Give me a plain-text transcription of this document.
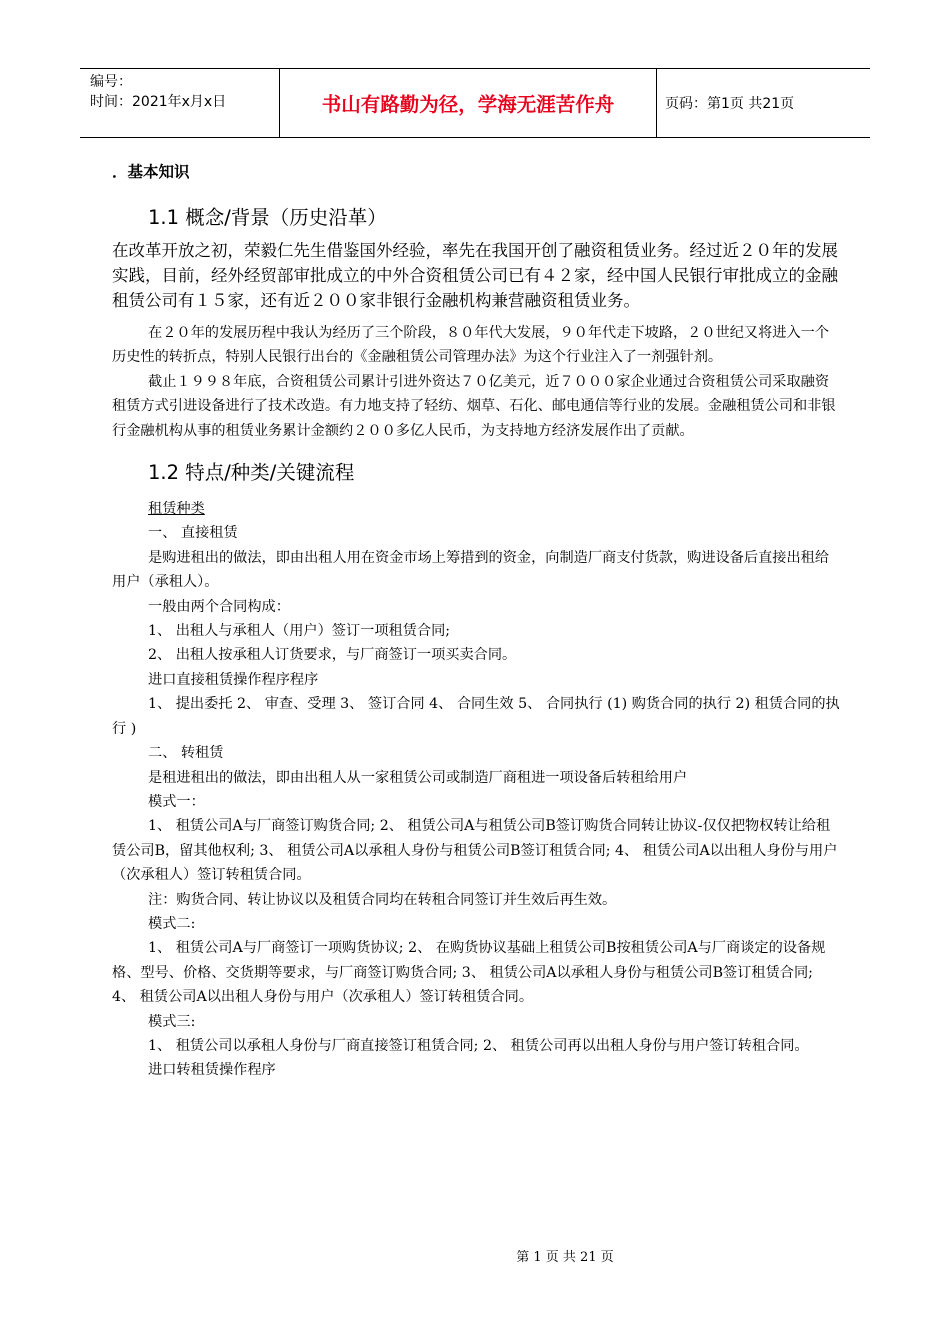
编号：
时间：2021年x月x日	书山有路勤为径，学海无涯苦作舟	页码：第1页 共21页
．基本知识
1.1 概念/背景（历史沿革）
在改革开放之初，荣毅仁先生借鉴国外经验，率先在我国开创了融资租赁业务。经过近２０年的发展实践，目前，经外经贸部审批成立的中外合资租赁公司已有４２家，经中国人民银行审批成立的金融租赁公司有１５家，还有近２００家非银行金融机构兼营融资租赁业务。

在２０年的发展历程中我认为经历了三个阶段，８０年代大发展，９０年代走下坡路，２０世纪又将进入一个历史性的转折点，特别人民银行出台的《金融租赁公司管理办法》为这个行业注入了一剂强针剂。

截止１９９８年底，合资租赁公司累计引进外资达７０亿美元，近７０００家企业通过合资租赁公司采取融资租赁方式引进设备进行了技术改造。有力地支持了轻纺、烟草、石化、邮电通信等行业的发展。金融租赁公司和非银行金融机构从事的租赁业务累计金额约２００多亿人民币，为支持地方经济发展作出了贡献。

1.2 特点/种类/关键流程

租赁种类

一、 直接租赁

是购进租出的做法，即由出租人用在资金市场上筹措到的资金，向制造厂商支付货款，购进设备后直接出租给用户（承租人）。

一般由两个合同构成：

1、 出租人与承租人（用户）签订一项租赁合同;

2、 出租人按承租人订货要求，与厂商签订一项买卖合同。

进口直接租赁操作程序程序

1、 提出委托 2、 审查、受理 3、 签订合同 4、 合同生效 5、 合同执行 (1) 购货合同的执行 2) 租赁合同的执行 )

二、 转租赁

是租进租出的做法，即由出租人从一家租赁公司或制造厂商租进一项设备后转租给用户

模式一：

1、 租赁公司A与厂商签订购货合同; 2、 租赁公司A与租赁公司B签订购货合同转让协议-仅仅把物权转让给租赁公司B，留其他权利; 3、 租赁公司A以承租人身份与租赁公司B签订租赁合同; 4、 租赁公司A以出租人身份与用户（次承租人）签订转租赁合同。

注：购货合同、转让协议以及租赁合同均在转租合同签订并生效后再生效。

模式二:

1、 租赁公司A与厂商签订一项购货协议; 2、 在购货协议基础上租赁公司B按租赁公司A与厂商谈定的设备规格、型号、价格、交货期等要求，与厂商签订购货合同; 3、 租赁公司A以承租人身份与租赁公司B签订租赁合同; 4、 租赁公司A以出租人身份与用户（次承租人）签订转租赁合同。

模式三:

1、 租赁公司以承租人身份与厂商直接签订租赁合同; 2、 租赁公司再以出租人身份与用户签订转租合同。

进口转租赁操作程序

第 1 页 共 21 页
